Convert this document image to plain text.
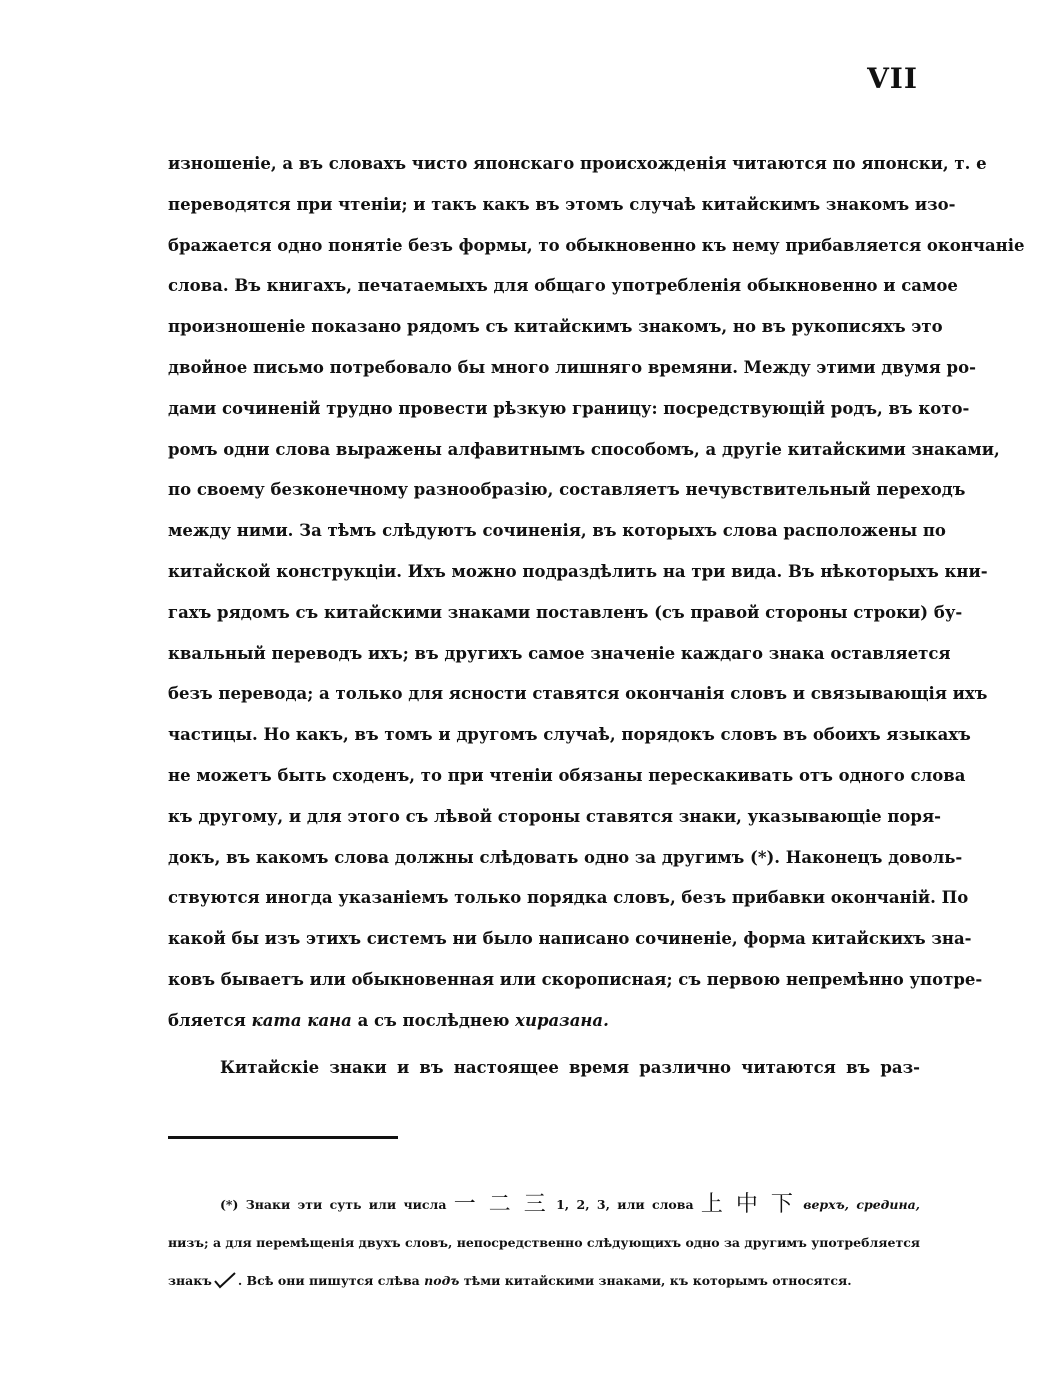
VII
изношеніе, а въ словахъ чисто японскаго происхожденія читаются по японски, т. е
переводятся при чтеніи; и такъ какъ въ этомъ случаѣ китайскимъ знакомъ изо-
бражается одно понятіе безъ формы, то обыкновенно къ нему прибавляется окончаніе
слова. Въ книгахъ, печатаемыхъ для общаго употребленія обыкновенно и самое
произношеніе показано рядомъ съ китайскимъ знакомъ, но въ рукописяхъ это
двойное письмо потребовало бы много лишняго времяни. Между этими двумя ро-
дами сочиненій трудно провести рѣзкую границу: посредствующій родъ, въ кото-
ромъ одни слова выражены алфавитнымъ способомъ, а другіе китайскими знаками,
по своему безконечному разнообразію, составляетъ нечувствительный переходъ
между ними. За тѣмъ слѣдуютъ сочиненія, въ которыхъ слова расположены по
китайской конструкціи. Ихъ можно подраздѣлить на три вида. Въ нѣкоторыхъ кни-
гахъ рядомъ съ китайскими знаками поставленъ (съ правой стороны строки) бу-
квальный переводъ ихъ; въ другихъ самое значеніе каждаго знака оставляется
безъ перевода; а только для ясности ставятся окончанія словъ и связывающія ихъ
частицы. Но какъ, въ томъ и другомъ случаѣ, порядокъ словъ въ обоихъ языкахъ
не можетъ быть сходенъ, то при чтеніи обязаны перескакивать отъ одного слова
къ другому, и для этого съ лѣвой стороны ставятся знаки, указывающіе поря-
докъ, въ какомъ слова должны слѣдовать одно за другимъ (*). Наконецъ доволь-
ствуются иногда указаніемъ только порядка словъ, безъ прибавки окончаній. По
какой бы изъ этихъ системъ ни было написано сочиненіе, форма китайскихъ зна-
ковъ бываетъ или обыкновенная или скорописная; съ первою непремѣнно употре-
бляется ката кана а съ послѣднею хиразана.
Китайскіе знаки и въ настоящее время различно читаются въ раз-
(*) Знаки эти суть или числа 一 二 三 1, 2, 3, или слова 上 中 下 верхъ, средина,
низъ; а для перемѣщенія двухъ словъ, непосредственно слѣдующихъ одно за другимъ употребляется
знакъ . Всѣ они пишутся слѣва подъ тѣми китайскими знаками, къ которымъ относятся.
